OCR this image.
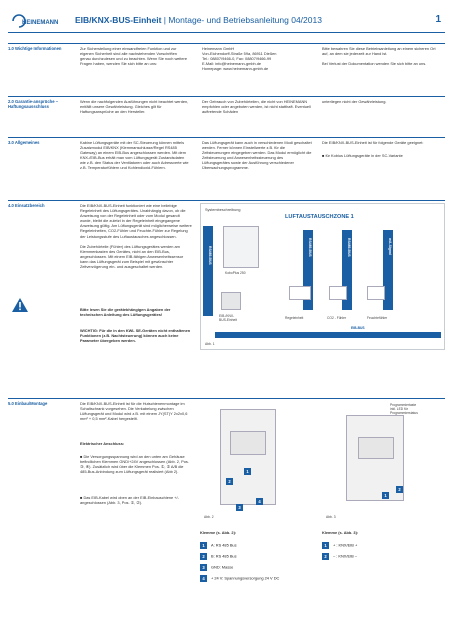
HEINEMANN EIB/KNX-BUS-Einheit | Montage- und Betriebsanleitung 04/2013	1
1.0 Wichtige Informationen	Zur Sicherstellung einer einwandfreien Funktion und zur eigenen Sicherheit sind alle nachstehenden Vorschriften genau durchzulesen und zu beachten. Wenn Sie noch weitere Fragen haben, wenden Sie sich bitte an uns:
Heinemann GmbH
Von-Eichendorff-Straße 59a, 86911 Dießen
Tel.: 08807/9466-0, Fax: 08807/9466-99
E-Mail: info@heinemann-gmbh.de
Homepage: www.heinemann-gmbh.de
Bitte bewahren Sie diese Betriebsanleitung an einem sicheren Ort auf, an dem sie jederzeit zur Hand ist.

Bei Verlust der Dokumentation wenden Sie sich bitte an uns.
2.0 Garantie-ansprüche – Haftungsausschluss
Wenn die nachfolgenden Ausführungen nicht beachtet werden, entfällt unsere Gewährleistung. Gleiches gilt für Haftungsansprüche an den Hersteller.
Der Gebrauch von Zubehörteilen, die nicht von HEINEMANN empfohlen oder angeboten werden, ist nicht statthaft. Eventuell auftretende Schäden
unterliegen nicht der Gewährleistung.
3.0 Allgemeines	Kabine Lüftungsgeräte mit der SC-Steuerung können mittels Zusatzmodul EIB/KNX (Klemmanschlusse/Regel RS485 Gateway) an einem EIB-Bus angeschlossen werden. Mit dem KNX-/EIB-Bus erhält man vom Lüftungsgerät Zustandsdaten wie z.B. den Status der Ventilatoren oder auch Adressverte wie z.B. Temperaturfühlern und Kohlendioxid-Fühlern.
Das Lüftungsgerät kann auch in verschiedenen Modi geschaltet werden. Ferner können Einstellwerte z.B. für die Zeitsteuerungen eingegeben werden. Das Modul ermöglicht die Zeitsteuerung und Anwesenheitssteuerung des Lüftungsgerätes sowie der Ausführung verschiedener Überwachungsprogramme.
Die EIB/KNX-BUS-Einheit ist für folgende Geräte geeignet:
■ für Kobius Lüftungsgeräte in der SC-Variante
4.0 Einsatzbereich	Die EIB/KNX-BUS-Einheit funktioniert wie eine beliebige Regeleinheit des Lüftungsgerätes. Unabhängig davon, ob die Anweisung von der Regeleinheit oder vom Modul gesandt wurde, bleibt die zuletzt in der Regeleinheit eingegangene Anweisung gültig. Am Lüftungsgerät sind möglicherweise weitere Regeleinheiten, CO2-Fühler und Feuchte-Fühler zur Regelung der Leistungsstufe des Luftaustausches angeschlossen.

Die Zubehörteile (Fühler) des Lüftungsgerätes werden am Klemmenkasten des Gerätes, nicht an den EIB-Bus, angeschlossen. Mit einem EIB-fähigen Anwesenheitssensor kann das Lüftungsgerät zum Beispiel mit gewünschter Zeitverzögerung ein- und ausgeschaltet werden.
Bitte lesen Sie die gerätebhängigen Angaben der technischen Anleitung des Lüftungsgerätes!
WICHTIG: Für die in den KWL SE-Geräten nicht enthaltenen Funktionen (z.B. Nachtsteuerung) können auch keine Parameter übergeben werden.
Systembeschreibung
LUFTAUSTAUSCHZONE 1
RS485-BUS
KoboPlus 250
EIB-/KNX-
BUS-Einheit
RS485-BUS	RS485-BUS	mA-Signal
Regeleinheit	CO2 - Fühler	Feuchtefühler
EIB-BUS
Abb. 1
5.0 Einbau/Montage	Die EIB/KNX-BUS-Einheit ist für die Hutschienenmontage im Schaltschrank vorgesehen. Die Verkabelung zwischen Lüftungsgerät und Modul wird z.B. mit einem JY(ST)Y 2x2x0,6 mm² + 0,5 mm²-Kabel hergestellt.
Elektrischer Anschluss:
■ Die Versorgungsspannung wird an den unten am Gehäuse befindlichen Klemmen GND/+24V angeschlossen (Abb. 2, Pos. ③, ④). Zusätzlich wird über die Klemmen Pos. ①, ② A/B die 485-Bus-Anbindung zum Lüftungsgerät realisiert (Abb 2).
■ Das EIB-Kabel wird oben an der EIB-Einbauschiene +/- angeschlossen (Abb. 3, Pos. ①, ②).
2
1
4
3
Abb. 2
Programmiertaste
inkl. LED für
Programmierstatus
1
2
Abb. 3
Klemme (s. Abb. 2):
1 A: RS 485 Bus
2 B: RS 485 Bus
3 GND: Masse
4 + 24 V: Spannungsversorgung 24 V DC
Klemme (s. Abb. 3):
1 + : KNX/EIB +
2 – : KNX/EIB –
